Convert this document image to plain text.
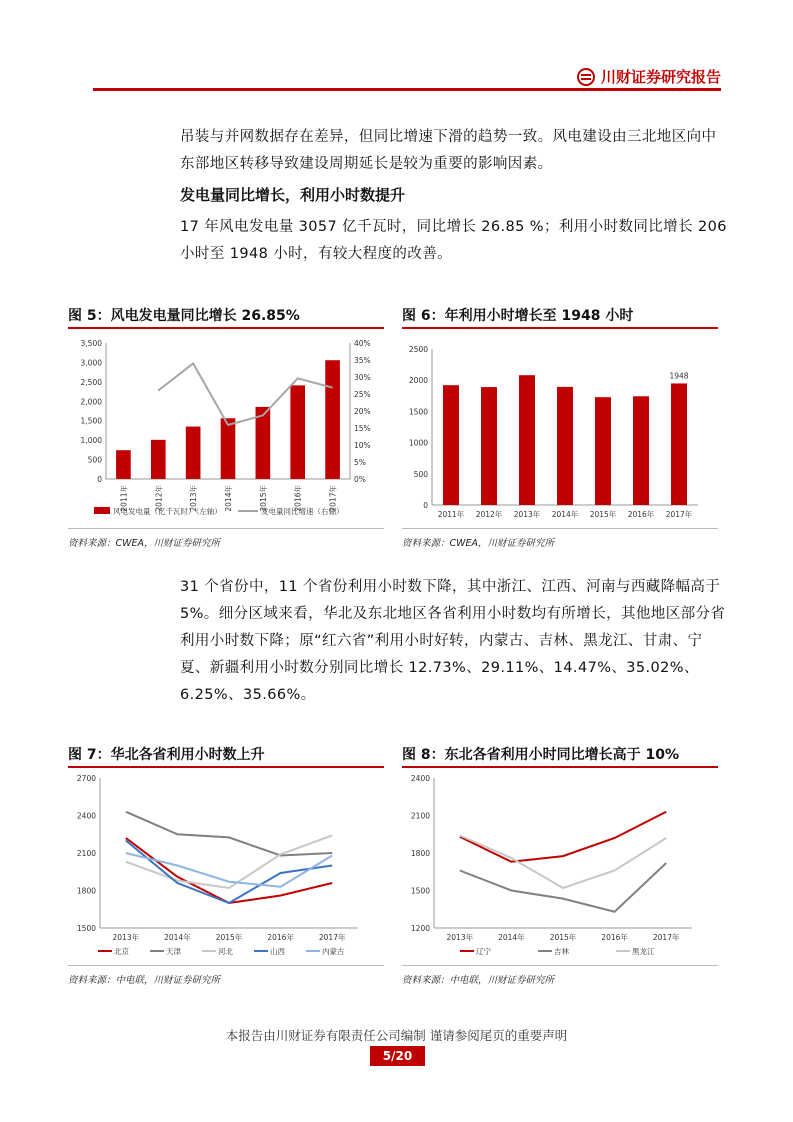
川财证券研究报告
吊装与并网数据存在差异，但同比增速下滑的趋势一致。风电建设由三北地区向中东部地区转移导致建设周期延长是较为重要的影响因素。
发电量同比增长，利用小时数提升
17 年风电发电量 3057 亿千瓦时，同比增长 26.85 %；利用小时数同比增长 206 小时至 1948 小时，有较大程度的改善。
图 5：风电发电量同比增长 26.85%
0
500
1,000
1,500
2,000
2,500
3,000
3,500
0%
5%
10%
15%
20%
25%
30%
35%
40%
2011年	2012年	2013年	2014年	2015年	2016年	2017年
风电发电量（亿千瓦时）（左轴）	发电量同比增速（右轴）
资料来源：CWEA，川财证券研究所
图 6：年利用小时增长至 1948 小时
0
500
1000
1500
2000
2500
2011年 2012年 2013年 2014年 2015年 2016年 2017年
1948
资料来源：CWEA，川财证券研究所
31 个省份中，11 个省份利用小时数下降，其中浙江、江西、河南与西藏降幅高于 5%。细分区域来看，华北及东北地区各省利用小时数均有所增长，其他地区部分省利用小时数下降；原“红六省”利用小时好转，内蒙古、吉林、黑龙江、甘肃、宁夏、新疆利用小时数分别同比增长 12.73%、29.11%、14.47%、35.02%、6.25%、35.66%。
图 7：华北各省利用小时数上升
1500
1800
2100
2400
2700
2013年	2014年	2015年	2016年	2017年
北京	天津	河北	山西	内蒙古
资料来源：中电联，川财证券研究所
图 8：东北各省利用小时同比增长高于 10%
1200
1500
1800
2100
2400
2013年	2014年	2015年	2016年	2017年
辽宁	吉林	黑龙江
资料来源：中电联，川财证券研究所
本报告由川财证券有限责任公司编制 谨请参阅尾页的重要声明
5/20
